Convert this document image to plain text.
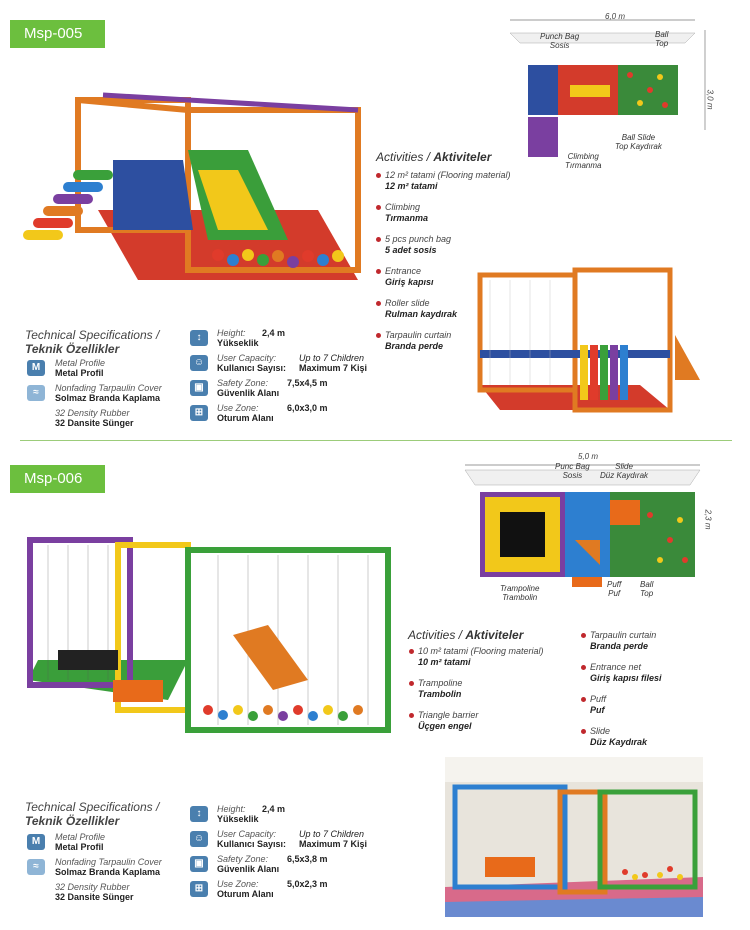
Msp-005
6,0 m
3,0 m
Punch Bag
Sosis
Ball
Top
Ball Slide
Top Kaydırak
Climbing
Tırmanma
Activities / Aktiviteler
12 m² tatami (Flooring material)
12 m² tatami
Climbing
Tırmanma
5 pcs punch bag
5 adet sosis
Entrance
Giriş kapısı
Roller slide
Rulman kaydırak
Tarpaulin curtain
Branda perde
Technical Specifications /
Teknik Özellikler
Metal Profile
Metal Profil
M
Nonfading Tarpaulin Cover
Solmaz Branda Kaplama
≈
32 Density Rubber
32 Dansite Sünger
↕	Height:
Yükseklik
2,4 m
☺	User Capacity:
Kullanıcı Sayısı:
Up to 7 Children
Maximum 7 Kişi
▣	Safety Zone:
Güvenlik Alanı
7,5x4,5 m
⊞	Use Zone:
Oturum Alanı
6,0x3,0 m
Msp-006
5,0 m
2,3 m
Punc Bag
Sosis
Slide
Düz Kaydırak
Trampoline
Trambolin
Puff
Puf
Ball
Top
Activities / Aktiviteler
10 m² tatami (Flooring material)
10 m² tatami
Trampoline
Trambolin
Triangle barrier
Üçgen engel
Tarpaulin curtain
Branda perde
Entrance net
Giriş kapısı filesi
Puff
Puf
Slide
Düz Kaydırak
Technical Specifications /
Teknik Özellikler
Metal Profile
Metal Profil
M
Nonfading Tarpaulin Cover
Solmaz Branda Kaplama
≈
32 Density Rubber
32 Dansite Sünger
↕	Height:
Yükseklik
2,4 m
☺	User Capacity:
Kullanıcı Sayısı:
Up to 7 Children
Maximum 7 Kişi
▣	Safety Zone:
Güvenlik Alanı
6,5x3,8 m
⊞	Use Zone:
Oturum Alanı
5,0x2,3 m
